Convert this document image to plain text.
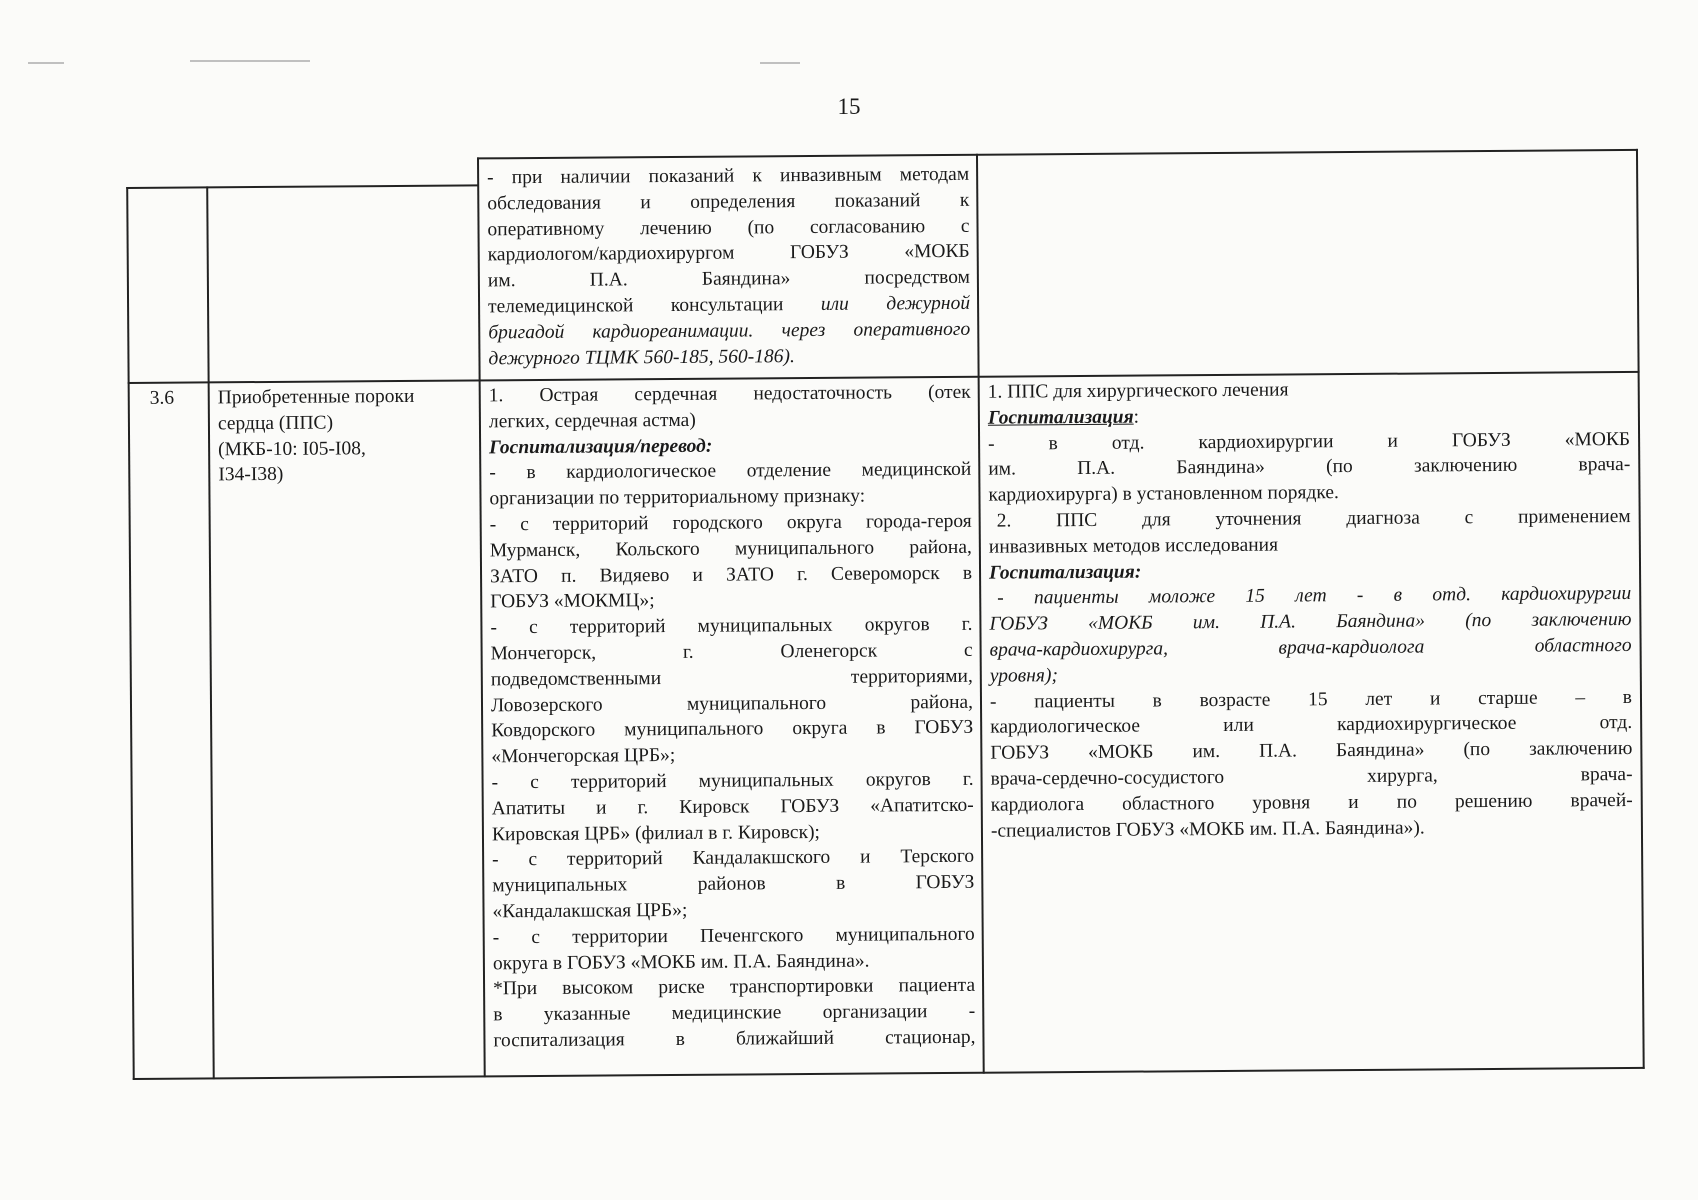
15

- при наличии показаний к инвазивным методам

обследования и определения показаний к

оперативному лечению (по согласованию с

кардиологом/кардиохирургом ГОБУЗ «МОКБ

им. П.А. Баяндина» посредством

телемедицинской консультации или дежурной

бригадой кардиореанимации. через оперативного

дежурного ТЦМК 560-185, 560-186).

3.6 Приобретенные пороки

сердца (ППС)

(МКБ-10: I05-I08,

I34-I38)

1. Острая сердечная недостаточность (отек

легких, сердечная астма)

Госпитализация/перевод:

- в кардиологическое отделение медицинской

организации по территориальному признаку:

- с территорий городского округа города-героя

Мурманск, Кольского муниципального района,

ЗАТО п. Видяево и ЗАТО г. Североморск в

ГОБУЗ «МОКМЦ»;

- с территорий муниципальных округов г.

Мончегорск, г. Оленегорск с

подведомственными территориями,

Ловозерского муниципального района,

Ковдорского муниципального округа в ГОБУЗ

«Мончегорская ЦРБ»;

- с территорий муниципальных округов г.

Апатиты и г. Кировск ГОБУЗ «Апатитско-

Кировская ЦРБ» (филиал в г. Кировск);

- с территорий Кандалакшского и Терского

муниципальных районов в ГОБУЗ

«Кандалакшская ЦРБ»;

- с территории Печенгского муниципального

округа в ГОБУЗ «МОКБ им. П.А. Баяндина».

*При высоком риске транспортировки пациента

в указанные медицинские организации -

госпитализация в ближайший стационар,

1. ППС для хирургического лечения

Госпитализация:

- в отд. кардиохирургии и ГОБУЗ «МОКБ

им. П.А. Баяндина» (по заключению врача-

кардиохирурга) в установленном порядке.

2. ППС для уточнения диагноза с применением

инвазивных методов исследования

Госпитализация:

- пациенты моложе 15 лет - в отд. кардиохирургии

ГОБУЗ «МОКБ им. П.А. Баяндина» (по заключению

врача-кардиохирурга, врача-кардиолога областного

уровня);

- пациенты в возрасте 15 лет и старше – в

кардиологическое или кардиохирургическое отд.

ГОБУЗ «МОКБ им. П.А. Баяндина» (по заключению

врача-сердечно-сосудистого хирурга, врача-

кардиолога областного уровня и по решению врачей-

-специалистов ГОБУЗ «МОКБ им. П.А. Баяндина»).
